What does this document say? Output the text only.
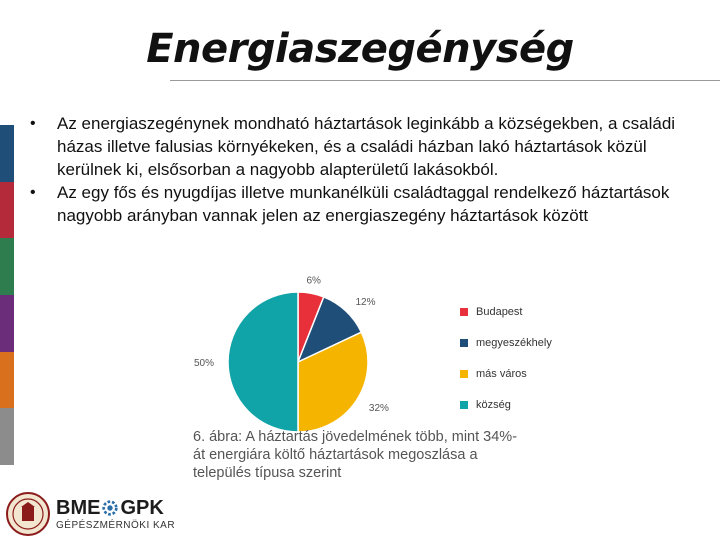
Energiaszegénység
• Az energiaszegénynek mondható háztartások leginkább a községekben, a családi házas illetve falusias környékeken, és a családi házban lakó háztartások közül kerülnek ki, elsősorban a nagyobb alapterületű lakásokból.
• Az egy fős és nyugdíjas illetve munkanélküli családtaggal rendelkező háztartások nagyobb arányban vannak jelen az energiaszegény háztartások között
6%
12%
32%
50%
Budapest
megyeszékhely
más város
község
6. ábra: A háztartás jövedelmének több, mint 34%-át energiára költő háztartások megoszlása a település típusa szerint
BME GPK
GÉPÉSZMÉRNÖKI KAR
